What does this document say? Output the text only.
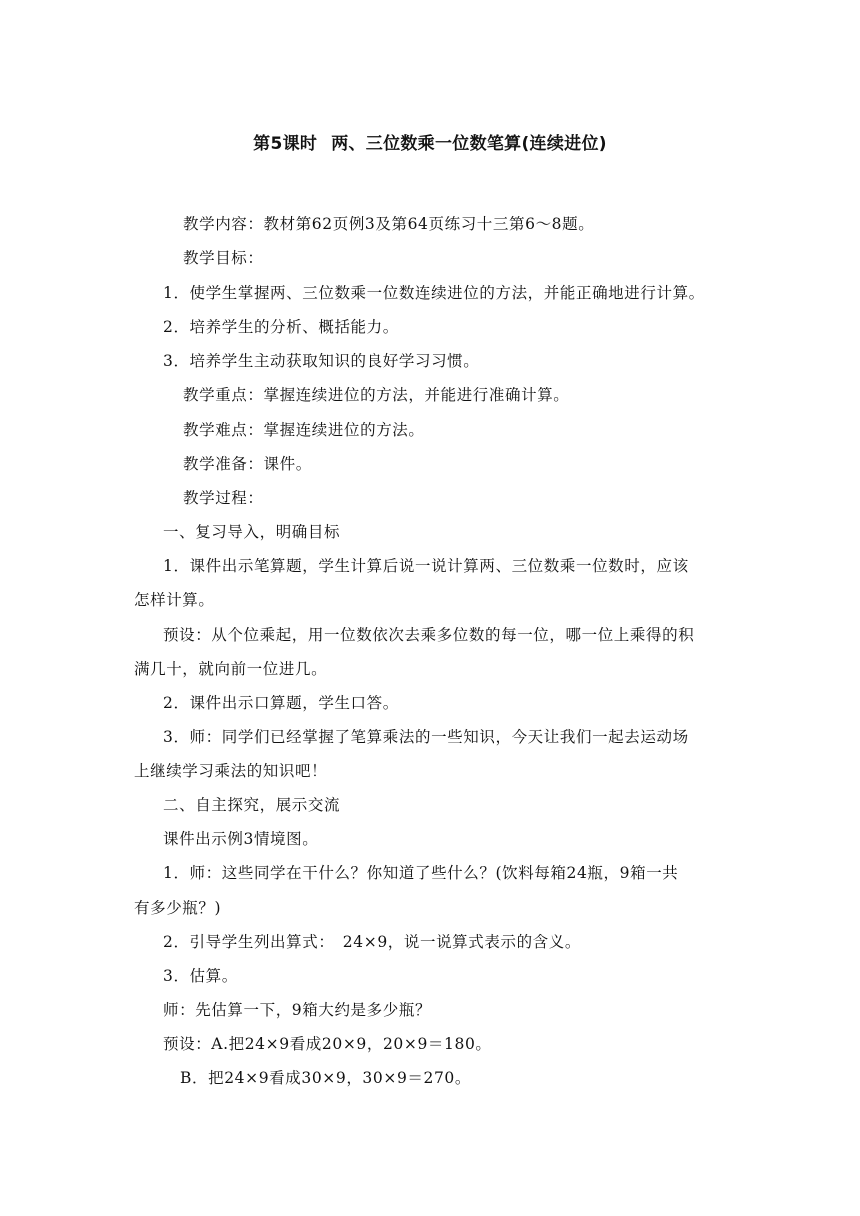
第5课时 两、三位数乘一位数笔算(连续进位)
教学内容：教材第62页例3及第64页练习十三第6～8题。
教学目标：
1．使学生掌握两、三位数乘一位数连续进位的方法，并能正确地进行计算。
2．培养学生的分析、概括能力。
3．培养学生主动获取知识的良好学习习惯。
教学重点：掌握连续进位的方法，并能进行准确计算。
教学难点：掌握连续进位的方法。
教学准备：课件。
教学过程：
一、复习导入，明确目标
1．课件出示笔算题，学生计算后说一说计算两、三位数乘一位数时，应该
怎样计算。
预设：从个位乘起，用一位数依次去乘多位数的每一位，哪一位上乘得的积
满几十，就向前一位进几。
2．课件出示口算题，学生口答。
3．师：同学们已经掌握了笔算乘法的一些知识，今天让我们一起去运动场
上继续学习乘法的知识吧！
二、自主探究，展示交流
课件出示例3情境图。
1．师：这些同学在干什么？你知道了些什么？(饮料每箱24瓶，9箱一共
有多少瓶？)
2．引导学生列出算式：　24×9，说一说算式表示的含义。
3．估算。
师：先估算一下，9箱大约是多少瓶？
预设：A.把24×9看成20×9，20×9＝180。
B．把24×9看成30×9，30×9＝270。
